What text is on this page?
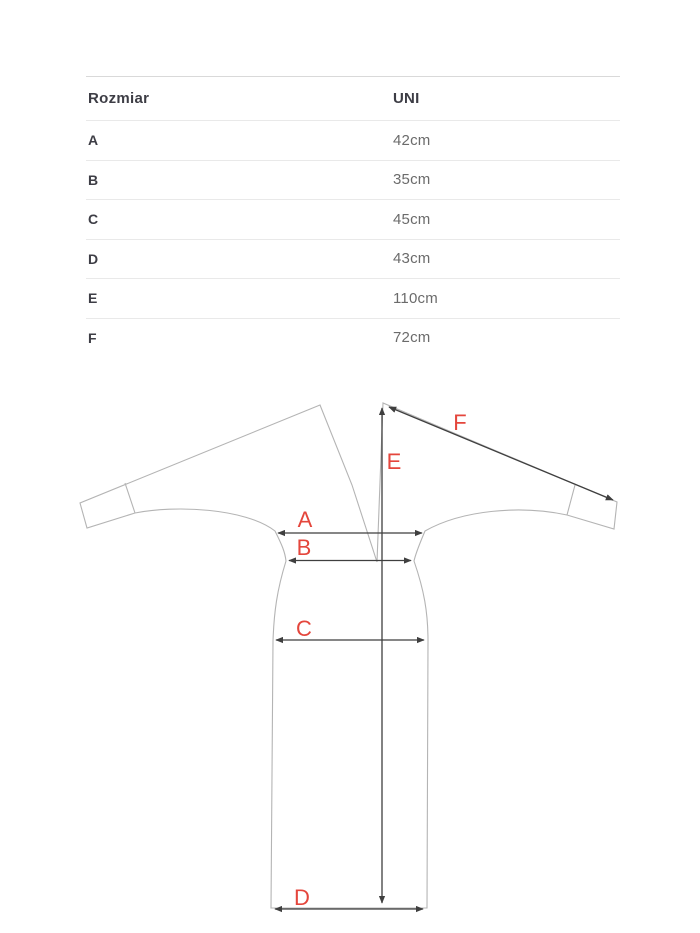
Rozmiar	UNI
A	42cm
B	35cm
C	45cm
D	43cm
E	110cm
F	72cm
A
B
C
D
E
F
